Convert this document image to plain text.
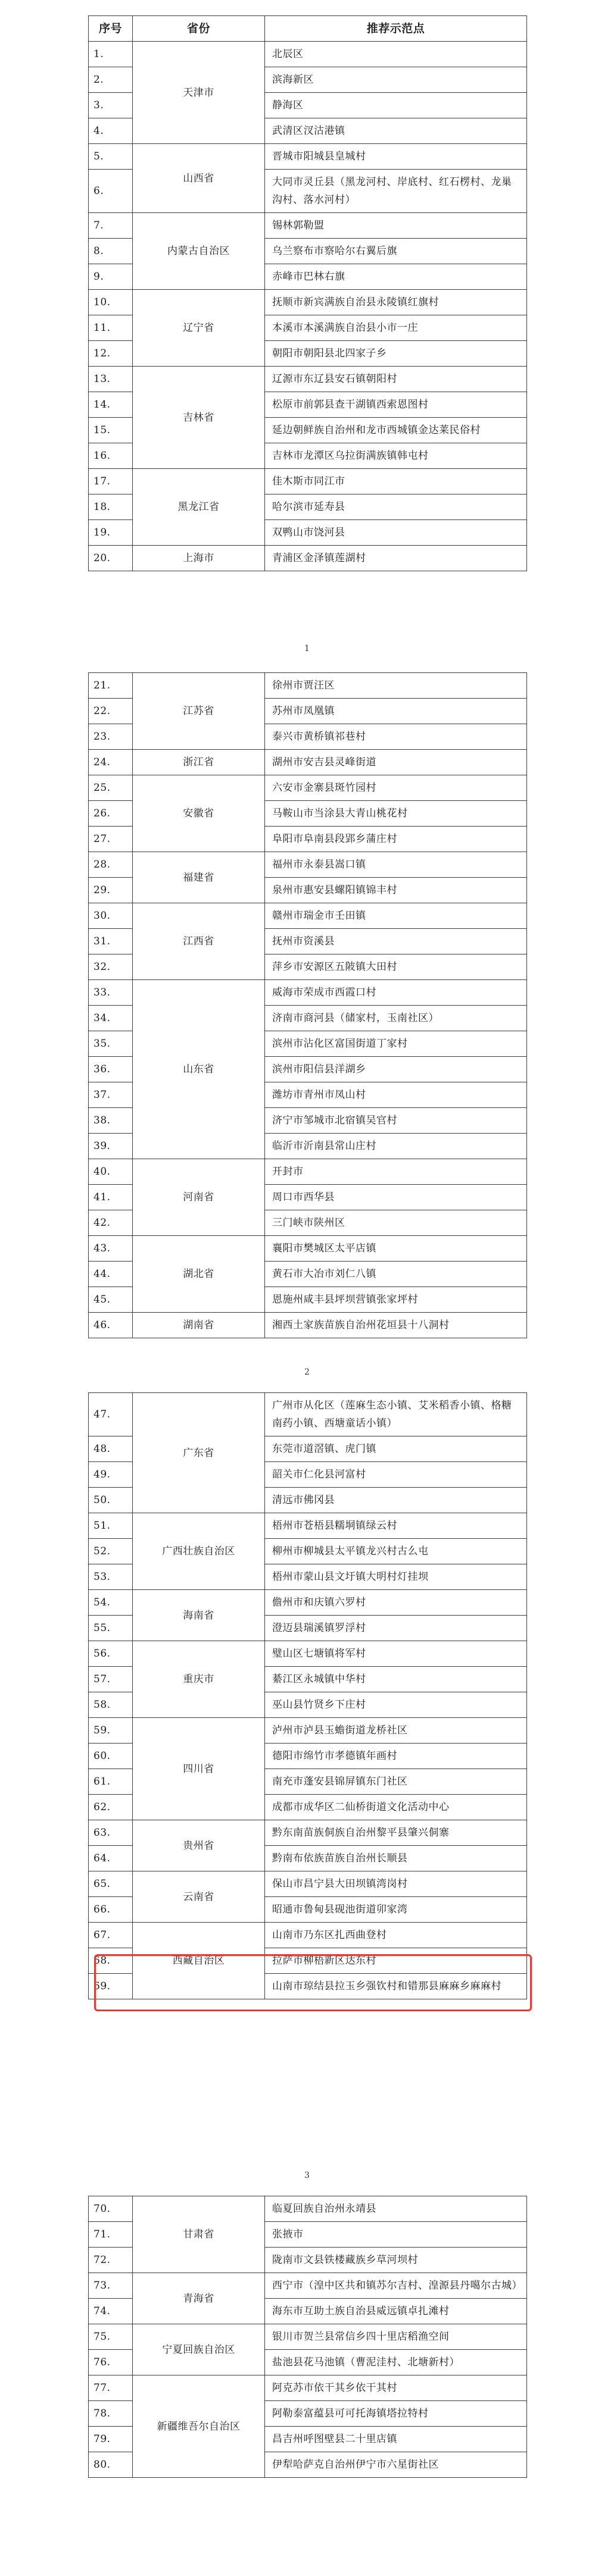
序号	省份	推荐示范点
1.	天津市	北辰区
2.		滨海新区
3.		静海区
4.		武清区汊沽港镇
5.	山西省	晋城市阳城县皇城村
6.		大同市灵丘县（黑龙河村、岸底村、红石楞村、龙巢沟村、落水河村）
7.	内蒙古自治区	锡林郭勒盟
8.		乌兰察布市察哈尔右翼后旗
9.		赤峰市巴林右旗
10.	辽宁省	抚顺市新宾满族自治县永陵镇红旗村
11.		本溪市本溪满族自治县小市一庄
12.		朝阳市朝阳县北四家子乡
13.	吉林省	辽源市东辽县安石镇朝阳村
14.		松原市前郭县查干湖镇西索恩图村
15.		延边朝鲜族自治州和龙市西城镇金达莱民俗村
16.		吉林市龙潭区乌拉街满族镇韩屯村
17.	黑龙江省	佳木斯市同江市
18.		哈尔滨市延寿县
19.		双鸭山市饶河县
20.	上海市	青浦区金泽镇莲湖村
1
21.	江苏省	徐州市贾汪区
22.		苏州市凤凰镇
23.		泰兴市黄桥镇祁巷村
24.	浙江省	湖州市安吉县灵峰街道
25.	安徽省	六安市金寨县斑竹园村
26.		马鞍山市当涂县大青山桃花村
27.		阜阳市阜南县段郢乡蒲庄村
28.	福建省	福州市永泰县嵩口镇
29.		泉州市惠安县螺阳镇锦丰村
30.	江西省	赣州市瑞金市壬田镇
31.		抚州市资溪县
32.		萍乡市安源区五陂镇大田村
33.	山东省	威海市荣成市西霞口村
34.		济南市商河县（储家村，玉南社区）
35.		滨州市沾化区富国街道丁家村
36.		滨州市阳信县洋湖乡
37.		潍坊市青州市凤山村
38.		济宁市邹城市北宿镇吴官村
39.		临沂市沂南县常山庄村
40.	河南省	开封市
41.		周口市西华县
42.		三门峡市陕州区
43.	湖北省	襄阳市樊城区太平店镇
44.		黄石市大冶市刘仁八镇
45.		恩施州咸丰县坪坝营镇张家坪村
46.	湖南省	湘西土家族苗族自治州花垣县十八洞村
2
47.	广东省	广州市从化区（莲麻生态小镇、艾米稻香小镇、格糖南药小镇、西塘童话小镇）
48.		东莞市道滘镇、虎门镇
49.		韶关市仁化县河富村
50.		清远市佛冈县
51.	广西壮族自治区	梧州市苍梧县糯垌镇绿云村
52.		柳州市柳城县太平镇龙兴村古么屯
53.		梧州市蒙山县文圩镇大明村灯挂坝
54.	海南省	儋州市和庆镇六罗村
55.		澄迈县瑞溪镇罗浮村
56.	重庆市	璧山区七塘镇将军村
57.		綦江区永城镇中华村
58.		巫山县竹贤乡下庄村
59.	四川省	泸州市泸县玉蟾街道龙桥社区
60.		德阳市绵竹市孝德镇年画村
61.		南充市蓬安县锦屏镇东门社区
62.		成都市成华区二仙桥街道文化活动中心
63.	贵州省	黔东南苗族侗族自治州黎平县肇兴侗寨
64.		黔南布依族苗族自治州长顺县
65.	云南省	保山市昌宁县大田坝镇湾岗村
66.		昭通市鲁甸县砚池街道卯家湾
67.	西藏自治区	山南市乃东区扎西曲登村
68.		拉萨市柳梧新区达东村
69.		山南市琼结县拉玉乡强钦村和错那县麻麻乡麻麻村
3
70.	甘肃省	临夏回族自治州永靖县
71.		张掖市
72.		陇南市文县铁楼藏族乡草河坝村
73.	青海省	西宁市（湟中区共和镇苏尔吉村、湟源县丹噶尔古城）
74.		海东市互助土族自治县威远镇卓扎滩村
75.	宁夏回族自治区	银川市贺兰县常信乡四十里店稻渔空间
76.		盐池县花马池镇（曹泥洼村、北塘新村）
77.	新疆维吾尔自治区	阿克苏市依干其乡依干其村
78.		阿勒泰富蕴县可可托海镇塔拉特村
79.		昌吉州呼图壁县二十里店镇
80.		伊犁哈萨克自治州伊宁市六星街社区
